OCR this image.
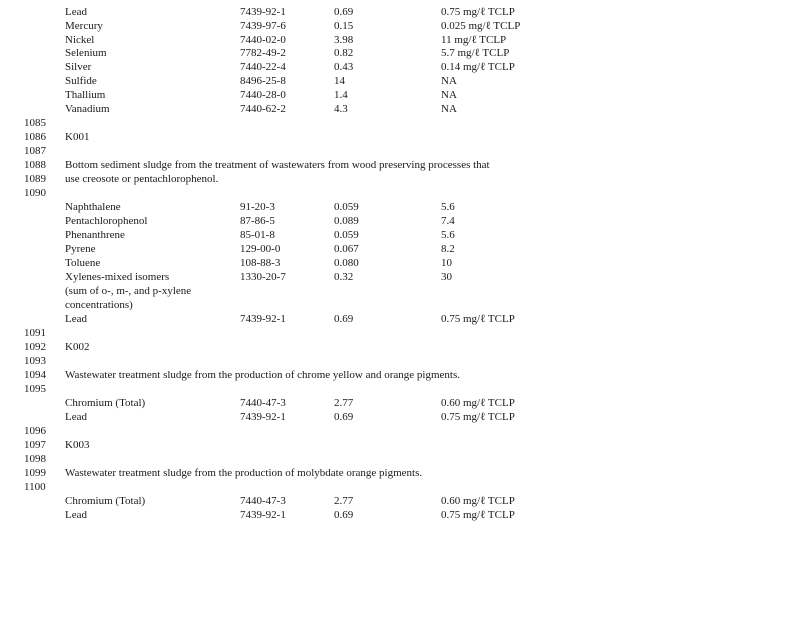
Lead	7439-92-1	0.69	0.75 mg/ℓ TCLP
Mercury	7439-97-6	0.15	0.025 mg/ℓ TCLP
Nickel	7440-02-0	3.98	11 mg/ℓ TCLP
Selenium	7782-49-2	0.82	5.7 mg/ℓ TCLP
Silver	7440-22-4	0.43	0.14 mg/ℓ TCLP
Sulfide	8496-25-8	14	NA
Thallium	7440-28-0	1.4	NA
Vanadium	7440-62-2	4.3	NA
1085
1086 K001
1087
1088 Bottom sediment sludge from the treatment of wastewaters from wood preserving processes that
1089 use creosote or pentachlorophenol.
1090
Naphthalene	91-20-3	0.059	5.6
Pentachlorophenol	87-86-5	0.089	7.4
Phenanthrene	85-01-8	0.059	5.6
Pyrene	129-00-0	0.067	8.2
Toluene	108-88-3	0.080	10
Xylenes-mixed isomers	1330-20-7	0.32	30
(sum of o-, m-, and p-xylene
concentrations)
Lead	7439-92-1	0.69	0.75 mg/ℓ TCLP
1091
1092 K002
1093
1094 Wastewater treatment sludge from the production of chrome yellow and orange pigments.
1095
Chromium (Total)	7440-47-3	2.77	0.60 mg/ℓ TCLP
Lead	7439-92-1	0.69	0.75 mg/ℓ TCLP
1096
1097 K003
1098
1099 Wastewater treatment sludge from the production of molybdate orange pigments.
1100
Chromium (Total)	7440-47-3	2.77	0.60 mg/ℓ TCLP
Lead	7439-92-1	0.69	0.75 mg/ℓ TCLP
